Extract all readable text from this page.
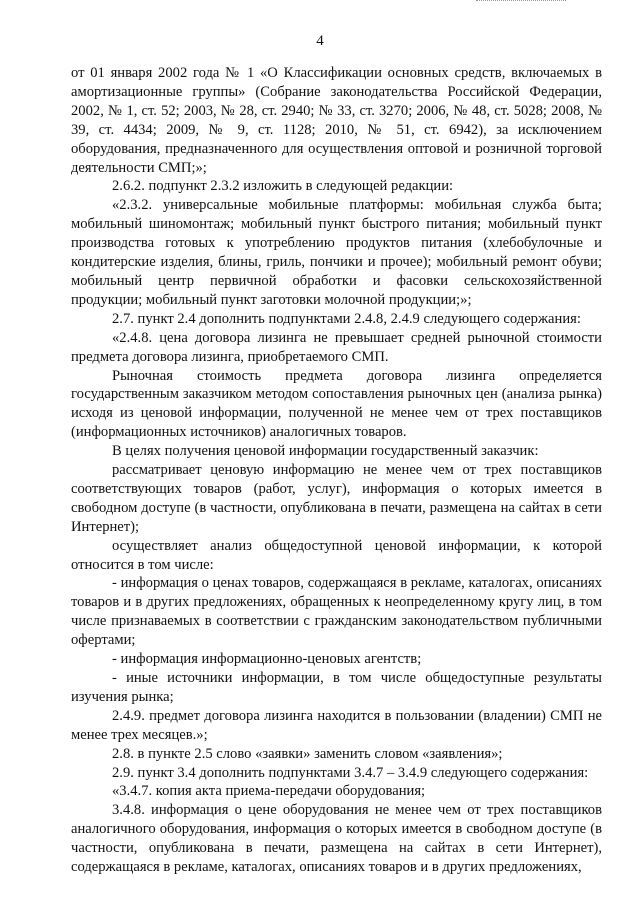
4

от 01 января 2002 года № 1 «О Классификации основных средств, включаемых в амортизационные группы» (Собрание законодательства Российской Федерации, 2002, № 1, ст. 52; 2003, № 28, ст. 2940; № 33, ст. 3270; 2006, № 48, ст. 5028; 2008, № 39, ст. 4434; 2009, № 9, ст. 1128; 2010, № 51, ст. 6942), за исключением оборудования, предназначенного для осуществления оптовой и розничной торговой деятельности СМП;»;

2.6.2. подпункт 2.3.2 изложить в следующей редакции:

«2.3.2. универсальные мобильные платформы: мобильная служба быта; мобильный шиномонтаж; мобильный пункт быстрого питания; мобильный пункт производства готовых к употреблению продуктов питания (хлебобулочные и кондитерские изделия, блины, гриль, пончики и прочее); мобильный ремонт обуви; мобильный центр первичной обработки и фасовки сельскохозяйственной продукции; мобильный пункт заготовки молочной продукции;»;

2.7. пункт 2.4 дополнить подпунктами 2.4.8, 2.4.9 следующего содержания:

«2.4.8. цена договора лизинга не превышает средней рыночной стоимости предмета договора лизинга, приобретаемого СМП.

Рыночная стоимость предмета договора лизинга определяется государственным заказчиком методом сопоставления рыночных цен (анализа рынка) исходя из ценовой информации, полученной не менее чем от трех поставщиков (информационных источников) аналогичных товаров.

В целях получения ценовой информации государственный заказчик:

рассматривает ценовую информацию не менее чем от трех поставщиков соответствующих товаров (работ, услуг), информация о которых имеется в свободном доступе (в частности, опубликована в печати, размещена на сайтах в сети Интернет);

осуществляет анализ общедоступной ценовой информации, к которой относится в том числе:

- информация о ценах товаров, содержащаяся в рекламе, каталогах, описаниях товаров и в других предложениях, обращенных к неопределенному кругу лиц, в том числе признаваемых в соответствии с гражданским законодательством публичными офертами;

- информация информационно-ценовых агентств;

- иные источники информации, в том числе общедоступные результаты изучения рынка;

2.4.9. предмет договора лизинга находится в пользовании (владении) СМП не менее трех месяцев.»;

2.8. в пункте 2.5 слово «заявки» заменить словом «заявления»;

2.9. пункт 3.4 дополнить подпунктами 3.4.7 – 3.4.9 следующего содержания:

«3.4.7. копия акта приема-передачи оборудования;

3.4.8. информация о цене оборудования не менее чем от трех поставщиков аналогичного оборудования, информация о которых имеется в свободном доступе (в частности, опубликована в печати, размещена на сайтах в сети Интернет), содержащаяся в рекламе, каталогах, описаниях товаров и в других предложениях,
